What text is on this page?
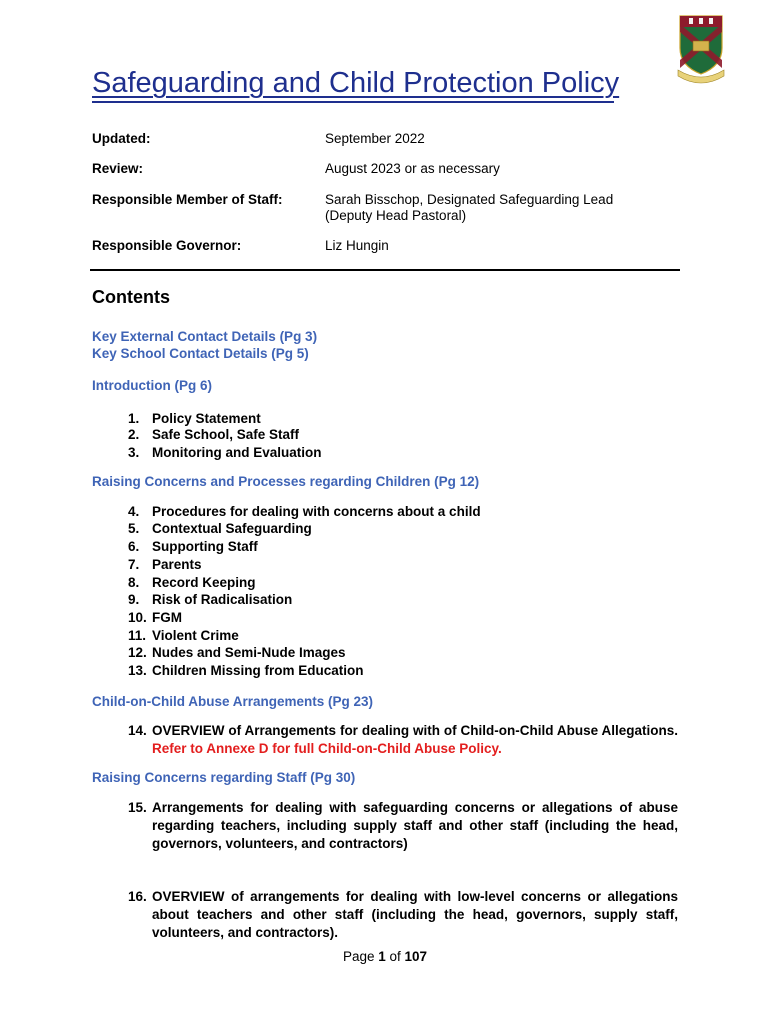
Safeguarding and Child Protection Policy
Updated:	September 2022
Review:	August 2023 or as necessary
Responsible Member of Staff:	Sarah Bisschop, Designated Safeguarding Lead
(Deputy Head Pastoral)
Responsible Governor:	Liz Hungin
Contents
Key External Contact Details (Pg 3)
Key School Contact Details (Pg 5)
Introduction (Pg 6)
1. Policy Statement
2. Safe School, Safe Staff
3. Monitoring and Evaluation
Raising Concerns and Processes regarding Children (Pg 12)
4. Procedures for dealing with concerns about a child
5. Contextual Safeguarding
6. Supporting Staff
7. Parents
8. Record Keeping
9. Risk of Radicalisation
10. FGM
11. Violent Crime
12. Nudes and Semi-Nude Images
13. Children Missing from Education
Child-on-Child Abuse Arrangements (Pg 23)
14. OVERVIEW of Arrangements for dealing with of Child-on-Child Abuse Allegations. Refer to Annexe D for full Child-on-Child Abuse Policy.
Raising Concerns regarding Staff (Pg 30)
15. Arrangements for dealing with safeguarding concerns or allegations of abuse regarding teachers, including supply staff and other staff (including the head, governors, volunteers, and contractors)
16. OVERVIEW of arrangements for dealing with low-level concerns or allegations about teachers and other staff (including the head, governors, supply staff, volunteers, and contractors).
Page 1 of 107
